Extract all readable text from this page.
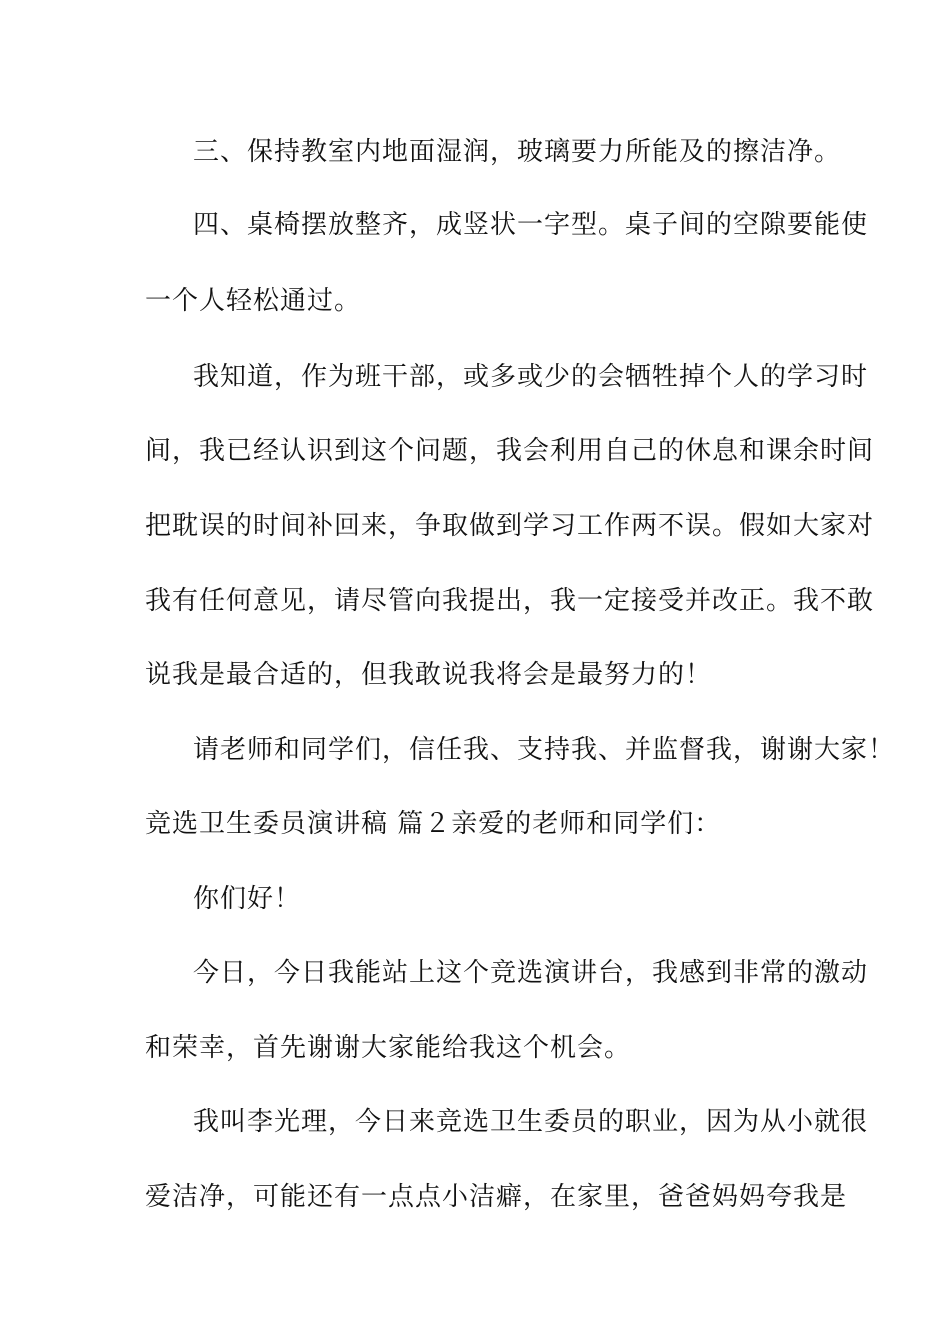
三、保持教室内地面湿润，玻璃要力所能及的擦洁净。
四、桌椅摆放整齐，成竖状一字型。桌子间的空隙要能使
一个人轻松通过。
我知道，作为班干部，或多或少的会牺牲掉个人的学习时
间，我已经认识到这个问题，我会利用自己的休息和课余时间
把耽误的时间补回来，争取做到学习工作两不误。假如大家对
我有任何意见，请尽管向我提出，我一定接受并改正。我不敢
说我是最合适的，但我敢说我将会是最努力的！
请老师和同学们，信任我、支持我、并监督我，谢谢大家！
竞选卫生委员演讲稿 篇２亲爱的老师和同学们：
你们好！
今日，今日我能站上这个竞选演讲台，我感到非常的激动
和荣幸，首先谢谢大家能给我这个机会。
我叫李光理，今日来竞选卫生委员的职业，因为从小就很
爱洁净，可能还有一点点小洁癖，在家里，爸爸妈妈夸我是
